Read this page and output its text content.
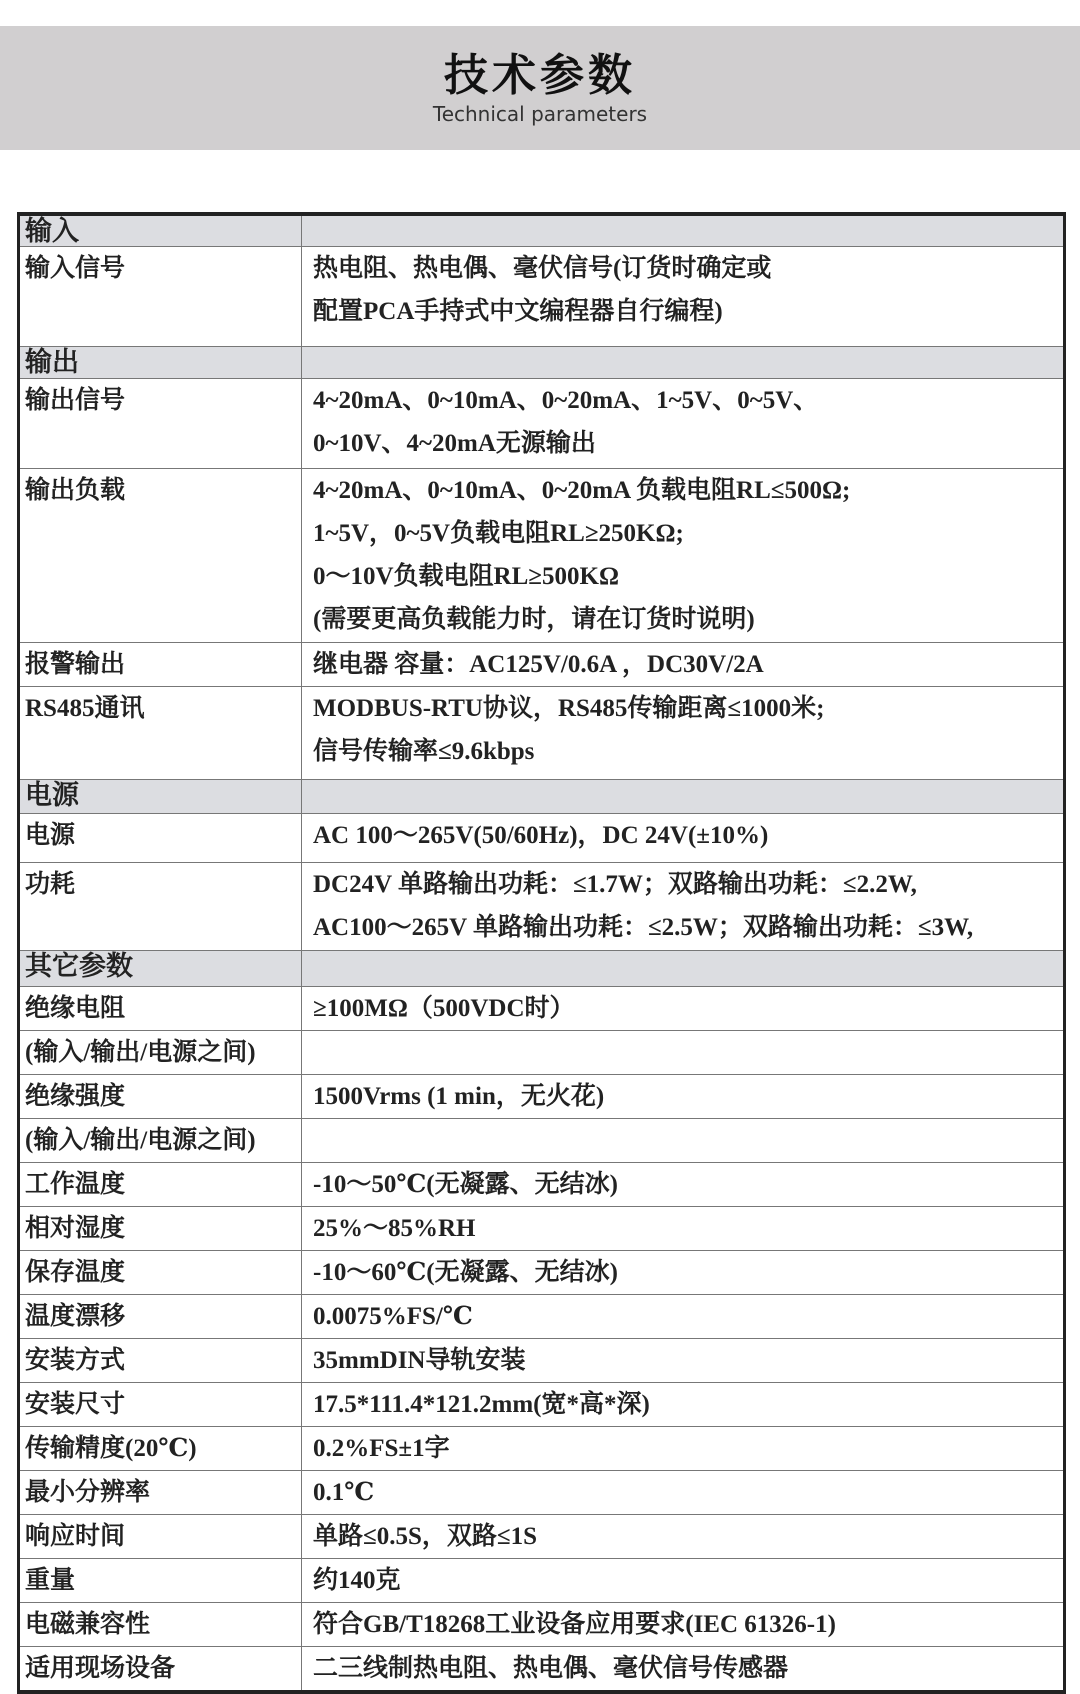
技术参数
Technical parameters
输入	
输入信号	热电阻、热电偶、毫伏信号(订货时确定或
配置PCA手持式中文编程器自行编程)

输出	
输出信号	4~20mA、0~10mA、0~20mA、1~5V、0~5V、
0~10V、4~20mA无源输出

输出负载	4~20mA、0~10mA、0~20mA 负载电阻RL≤500Ω;
1~5V，0~5V负载电阻RL≥250KΩ;
0～10V负载电阻RL≥500KΩ
(需要更高负载能力时，请在订货时说明)

报警输出	继电器 容量：AC125V/0.6A ，DC30V/2A

RS485通讯	MODBUS-RTU协议，RS485传输距离≤1000米;
信号传输率≤9.6kbps

电源	
电源	AC 100～265V(50/60Hz)，DC 24V(±10%)

功耗	DC24V 单路输出功耗：≤1.7W；双路输出功耗：≤2.2W,
AC100～265V 单路输出功耗：≤2.5W；双路输出功耗：≤3W,

其它参数	
绝缘电阻	≥100MΩ（500VDC时）

(输入/输出/电源之间)	
绝缘强度	1500Vrms (1 min，无火花)

(输入/输出/电源之间)	
工作温度	-10～50℃(无凝露、无结冰)

相对湿度	25%～85%RH

保存温度	-10～60℃(无凝露、无结冰)

温度漂移	0.0075%FS/℃

安装方式	35mmDIN导轨安装

安装尺寸	17.5*111.4*121.2mm(宽*高*深)

传输精度(20℃)	0.2%FS±1字

最小分辨率	0.1℃

响应时间	单路≤0.5S，双路≤1S

重量	约140克

电磁兼容性	符合GB/T18268工业设备应用要求(IEC 61326-1)

适用现场设备	二三线制热电阻、热电偶、毫伏信号传感器
